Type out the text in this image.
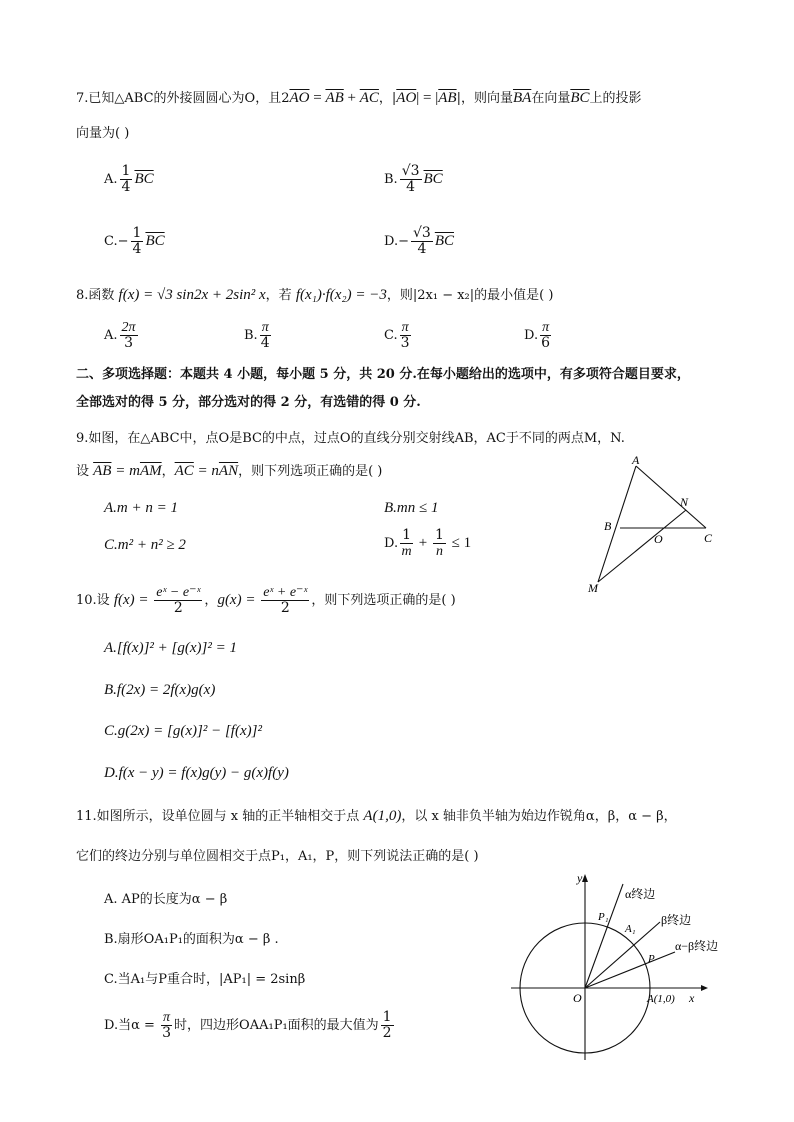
7.已知△ABC的外接圆圆心为O，且$2\overline{AO} = \overline{AB} + \overline{AC}$，$|\overline{AO}| = |\overline{AB}|$，则向量$\overline{BA}$在向量$\overline{BC}$上的投影
向量为( )
A. $\frac{1}{4} \overline{BC}$	B. $\frac{√3}{4} \overline{BC}$
$C.- \frac{1}{4} \overline{BC}$	$D.- \frac{√3}{4} \overline{BC}$
8.函数 f(x) = √3 sin2x + 2sin² x，若 f(x₁)·f(x₂) = −3，则|2x₁ − x₂|的最小值是( )
A. $\frac{2\pi}{3}$	B. $\frac{\pi}{4}$	C. $\frac{\pi}{3}$	D. $\frac{\pi}{6}$
二、多项选择题：本题共 4 小题，每小题 5 分，共 20 分.在每小题给出的选项中，有多项符合题目要求，
全部选对的得 5 分，部分选对的得 2 分，有选错的得 0 分.
9.如图，在△ABC中，点O是BC的中点，过点O的直线分别交射线AB，AC于不同的两点M，N.
设 $\overline{AB} = m\overline{AM}$，$\overline{AC} = n\overline{AN}$，则下列选项正确的是( )
A.m + n = 1	B.mn ≤ 1
C.m² + n² ≥ 2	D. $\frac{1}{m} + \frac{1}{n} \le 1$
A
B
C
N
O
M
10.设 $f(x) = \frac{\text{eˣ − e⁻ˣ}}{2}$ ，$g(x) = \frac{\text{eˣ + e⁻ˣ}}{2}$ ，则下列选项正确的是( )
A.[f(x)]² + [g(x)]² = 1
B.f(2x) = 2f(x)g(x)
C.g(2x) = [g(x)]² − [f(x)]²
D.f(x − y) = f(x)g(y) − g(x)f(y)
11.如图所示，设单位圆与 x 轴的正半轴相交于点 A(1,0)，以 x 轴非负半轴为始边作锐角α，β，α − β，
它们的终边分别与单位圆相交于点P₁，A₁，P，则下列说法正确的是( )
A. AP的长度为α − β
B.扇形OA₁P₁的面积为α − β .
C.当A₁与P重合时，|AP₁| = 2sinβ
D.当$\alpha = \frac{\pi}{3}$ 时，四边形OAA₁P₁面积的最大值为 $\frac{1}{2}$
y
x
O	A(1,0)
P₁
A₁
P
α终边
β终边
α−β终边
